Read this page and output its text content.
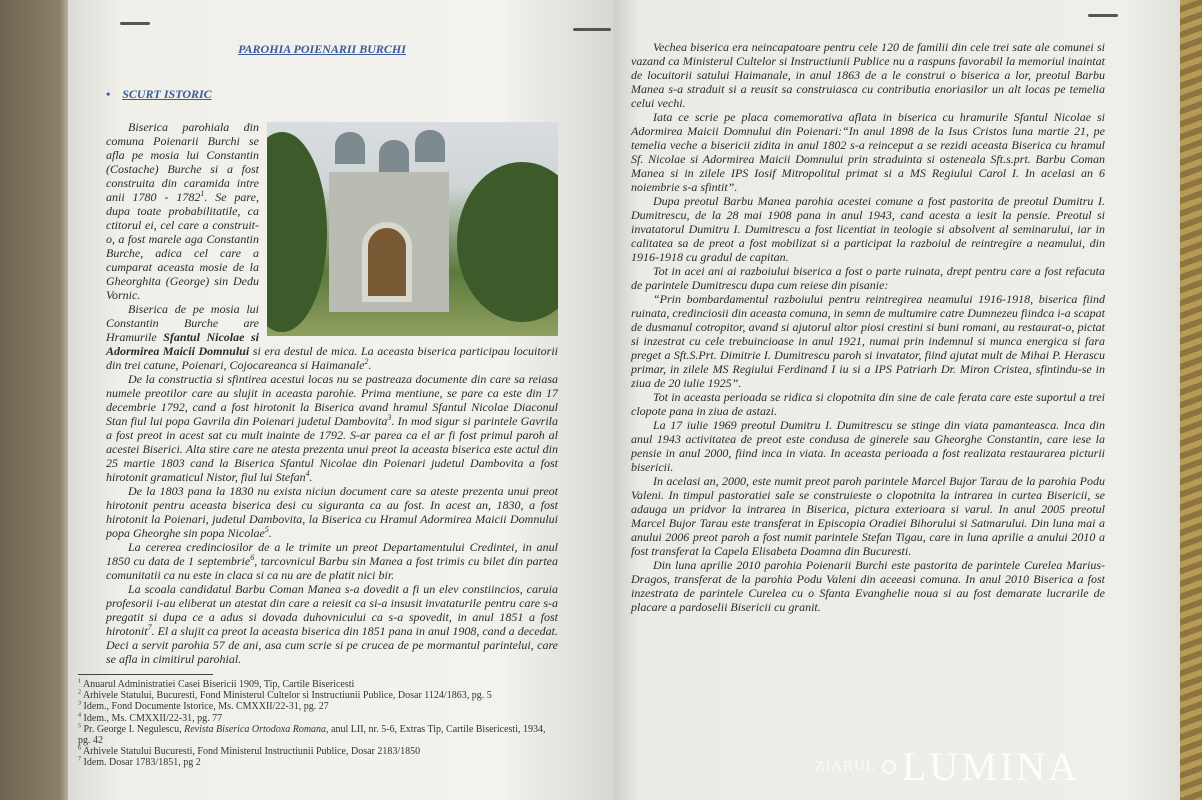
PAROHIA POIENARII BURCHI
• SCURT ISTORIC

Biserica parohiala din comuna Poienarii Burchi se afla pe mosia lui Constantin (Costache) Burche si a fost construita din caramida intre anii 1780 - 1782$^1$. Se pare, dupa toate probabilitatile, ca ctitorul ei, cel care a construit-o, a fost marele aga Constantin Burche, adica cel care a cumparat aceasta mosie de la Gheorghita (George) sin Dedu Vornic.

Biserica de pe mosia lui Constantin Burche are Hramurile Sfantul Nicolae si Adormirea Maicii Domnului si era destul de mica. La aceasta biserica participau locuitorii din trei catune, Poienari, Cojocareanca si Haimanale$^2$.

De la constructia si sfintirea acestui locas nu se pastreaza documente din care sa reiasa numele preotilor care au slujit in aceasta parohie. Prima mentiune, se pare ca este din 17 decembrie 1792, cand a fost hirotonit la Biserica avand hramul Sfantul Nicolae Diaconul Stan fiul lui popa Gavrila din Poienari judetul Dambovita$^3$. In mod sigur si parintele Gavrila a fost preot in acest sat cu mult inainte de 1792. S-ar parea ca el ar fi fost primul paroh al acestei Biserici. Alta stire care ne atesta prezenta unui preot la aceasta biserica este actul din 25 martie 1803 cand la Biserica Sfantul Nicolae din Poienari judetul Dambovita a fost hirotonit gramaticul Nistor, fiul lui Stefan$^4$.

De la 1803 pana la 1830 nu exista niciun document care sa ateste prezenta unui preot hirotonit pentru aceasta biserica desi cu siguranta ca au fost. In acest an, 1830, a fost hirotonit la Poienari, judetul Dambovita, la Biserica cu Hramul Adormirea Maicii Domnului popa Gheorghe sin popa Nicolae$^5$.

La cererea credinciosilor de a le trimite un preot Departamentului Credintei, in anul 1850 cu data de 1 septembrie$^6$, tarcovnicul Barbu sin Manea a fost trimis cu bilet din partea comunitatii ca nu este in claca si ca nu are de platit nici bir.

La scoala candidatul Barbu Coman Manea s-a dovedit a fi un elev constiincios, caruia profesorii i-au eliberat un atestat din care a reiesit ca si-a insusit invataturile pentru care s-a pregatit si dupa ce a adus si dovada duhovnicului ca s-a spovedit, in anul 1851 a fost hirotonit$^7$. El a slujit ca preot la aceasta biserica din 1851 pana in anul 1908, cand a decedat. Deci a servit parohia 57 de ani, asa cum scrie si pe crucea de pe mormantul parintelui, care se afla in cimitirul parohial.

$^1$ Anuarul Administratiei Casei Bisericii 1909, Tip, Cartile Bisericesti
$^2$ Arhivele Statului, Bucuresti, Fond Ministerul Cultelor si Instructiunii Publice, Dosar 1124/1863, pg. 5
$^3$ Idem., Fond Documente Istorice, Ms. CMXXII/22-31, pg. 27
$^4$ Idem., Ms. CMXXII/22-31, pg. 77
$^5$ Pr. George I. Negulescu, Revista Biserica Ortodoxa Romana, anul LII, nr. 5-6, Extras Tip, Cartile Bisericesti, 1934, pg. 42
$^6$ Arhivele Statului Bucuresti, Fond Ministerul Instructiunii Publice, Dosar 2183/1850
$^7$ Idem. Dosar 1783/1851, pg 2

Vechea biserica era neincapatoare pentru cele 120 de familii din cele trei sate ale comunei si vazand ca Ministerul Cultelor si Instructiunii Publice nu a raspuns favorabil la memoriul inaintat de locuitorii satului Haimanale, in anul 1863 de a le construi o biserica a lor, preotul Barbu Manea s-a straduit si a reusit sa construiasca cu contributia enoriasilor un alt locas pe temelia celui vechi.

Iata ce scrie pe placa comemorativa aflata in biserica cu hramurile Sfantul Nicolae si Adormirea Maicii Domnului din Poienari:“In anul 1898 de la Isus Cristos luna martie 21, pe temelia veche a bisericii zidita in anul 1802 s-a reinceput a se rezidi aceasta Biserica cu hramul Sf. Nicolae si Adormirea Maicii Domnului prin straduinta si osteneala Sft.s.prt. Barbu Coman Manea si in zilele IPS Iosif Mitropolitul primat si a MS Regiului Carol I. In acelasi an 6 noiembrie s-a sfintit”.

Dupa preotul Barbu Manea parohia acestei comune a fost pastorita de preotul Dumitru I. Dumitrescu, de la 28 mai 1908 pana in anul 1943, cand acesta a iesit la pensie. Preotul si invatatorul Dumitru I. Dumitrescu a fost licentiat in teologie si absolvent al seminarului, iar in calitatea sa de preot a fost mobilizat si a participat la razboiul de reintregire a neamului, din 1916-1918 cu gradul de capitan.

Tot in acei ani ai razboiului biserica a fost o parte ruinata, drept pentru care a fost refacuta de parintele Dumitrescu dupa cum reiese din pisanie:

“Prin bombardamentul razboiului pentru reintregirea neamului 1916-1918, biserica fiind ruinata, credinciosii din aceasta comuna, in semn de multumire catre Dumnezeu fiindca i-a scapat de dusmanul cotropitor, avand si ajutorul altor piosi crestini si buni romani, au restaurat-o, pictat si inzestrat cu cele trebuincioase in anul 1921, numai prin indemnul si munca energica si fara preget a Sft.S.Prt. Dimitrie I. Dumitrescu paroh si invatator, fiind ajutat mult de Mihai P. Herascu primar, in zilele MS Regiului Ferdinand I iu si a IPS Patriarh Dr. Miron Cristea, sfintindu-se in ziua de 20 iulie 1925”.

Tot in aceasta perioada se ridica si clopotnita din sine de cale ferata care este suportul a trei clopote pana in ziua de astazi.

La 17 iulie 1969 preotul Dumitru I. Dumitrescu se stinge din viata pamanteasca. Inca din anul 1943 activitatea de preot este condusa de ginerele sau Gheorghe Constantin, care iese la pensie in anul 2000, fiind inca in viata. In aceasta perioada a fost realizata restaurarea picturii bisericii.

In acelasi an, 2000, este numit preot paroh parintele Marcel Bujor Tarau de la parohia Podu Valeni. In timpul pastoratiei sale se construieste o clopotnita la intrarea in curtea Bisericii, se adauga un pridvor la intrarea in Biserica, pictura exterioara si varul. In anul 2005 preotul Marcel Bujor Tarau este transferat in Episcopia Oradiei Bihorului si Satmarului. Din luna mai a anului 2006 preot paroh a fost numit parintele Stefan Tigau, care in luna aprilie a anului 2010 a fost transferat la Capela Elisabeta Doamna din Bucuresti.

Din luna aprilie 2010 parohia Poienarii Burchi este pastorita de parintele Curelea Marius-Dragos, transferat de la parohia Podu Valeni din aceeasi comuna. In anul 2010 Biserica a fost inzestrata de parintele Curelea cu o Sfanta Evanghelie noua si au fost demarate lucrarile de placare a pardoselii Bisericii cu granit.

ZIARUL LUMINA
